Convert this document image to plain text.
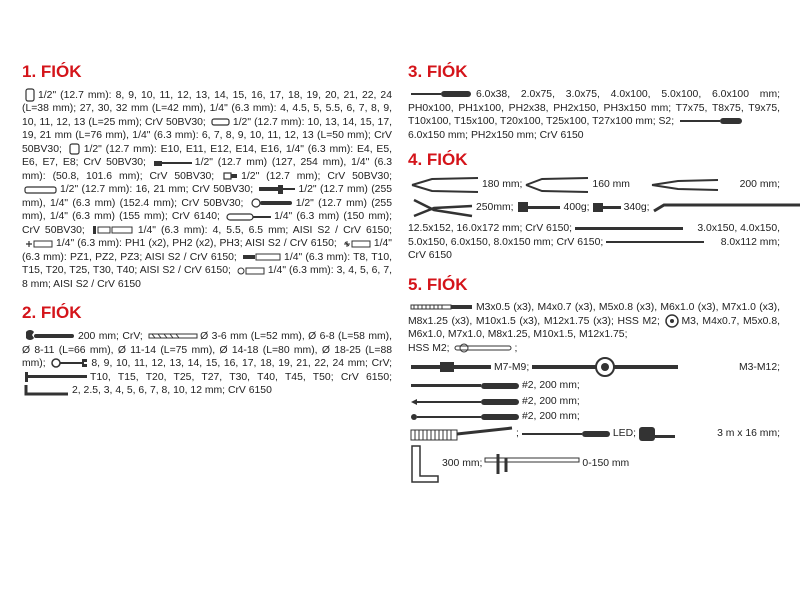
1. FIÓK
1/2" (12.7 mm): 8, 9, 10, 11, 12, 13, 14, 15, 16, 17, 18, 19, 20, 21, 22, 24 (L=38 mm); 27, 30, 32 mm (L=42 mm), 1/4" (6.3 mm): 4, 4.5, 5, 5.5, 6, 7, 8, 9, 10, 11, 12, 13 (L=25 mm); CrV 50BV30;	1/2" (12.7 mm): 10, 13, 14, 15, 17, 19, 21 mm (L=76 mm), 1/4" (6.3 mm): 6, 7, 8, 9, 10, 11, 12, 13 (L=50 mm); CrV 50BV30; 1/2" (12.7 mm): E10, E11, E12, E14, E16, 1/4" (6.3 mm): E4, E5, E6, E7, E8; CrV 50BV30;	1/2" (12.7 mm) (127, 254 mm), 1/4" (6.3 mm): (50.8, 101.6 mm); CrV 50BV30;	1/2" (12.7 mm); CrV 50BV30;
1/2" (12.7 mm): 16, 21 mm; CrV 50BV30;	1/2" (12.7 mm) (255 mm), 1/4" (6.3 mm) (152.4 mm); CrV 50BV30;	1/2" (12.7 mm) (255 mm), 1/4" (6.3 mm) (155 mm); CrV 6140;	1/4" (6.3 mm) (150 mm); CrV 50BV30;	1/4" (6.3 mm): 4, 5.5, 6.5 mm; AISI S2 / CrV 6150;
1/4" (6.3 mm): PH1 (x2), PH2 (x2), PH3; AISI S2 / CrV 6150;	1/4" (6.3 mm): PZ1, PZ2, PZ3; AISI S2 / CrV 6150;	1/4" (6.3 mm): T8, T10, T15, T20, T25, T30, T40; AISI S2 / CrV 6150;	1/4" (6.3 mm): 3, 4, 5, 6, 7, 8 mm; AISI S2 / CrV 6150
2. FIÓK
200 mm; CrV;	Ø 3-6 mm (L=52 mm), Ø 6-8 (L=58 mm), Ø 8-11 (L=66 mm), Ø 11-14 (L=75 mm), Ø 14-18 (L=80 mm), Ø 18-25 (L=88 mm);	8, 9, 10, 11, 12, 13, 14, 15, 16, 17, 18, 19, 21, 22, 24 mm; CrV;
T10, T15, T20, T25, T27, T30, T40, T45, T50; CrV 6150;
2, 2.5, 3, 4, 5, 6, 7, 8, 10, 12 mm; CrV 6150
3. FIÓK
6.0x38, 2.0x75, 3.0x75, 4.0x100, 5.0x100, 6.0x100 mm; PH0x100, PH1x100, PH2x38, PH2x150, PH3x150 mm; T7x75, T8x75, T9x75, T10x100, T15x100, T20x100, T25x100, T27x100 mm; S2;

6.0x150 mm; PH2x150 mm; CrV 6150
4. FIÓK
180 mm;	160 mm	200 mm;
250mm;	400g;	340g;
12.5x152, 16.0x172 mm; CrV 6150;	3.0x150, 4.0x150,
5.0x150, 6.0x150, 8.0x150 mm; CrV 6150;	8.0x112 mm;
CrV 6150
5. FIÓK
M3x0.5 (x3), M4x0.7 (x3), M5x0.8 (x3), M6x1.0 (x3), M7x1.0 (x3), M8x1.25 (x3), M10x1.5 (x3), M12x1.75 (x3); HSS M2; M3, M4x0.7, M5x0.8, M6x1.0, M7x1.0, M8x1.25, M10x1.5, M12x1.75;
HSS M2;	;
M7-M9;	M3-M12;
#2, 200 mm;
#2, 200 mm;
#2, 200 mm;
;	LED;	3 m x 16 mm;
300 mm;	0-150 mm
